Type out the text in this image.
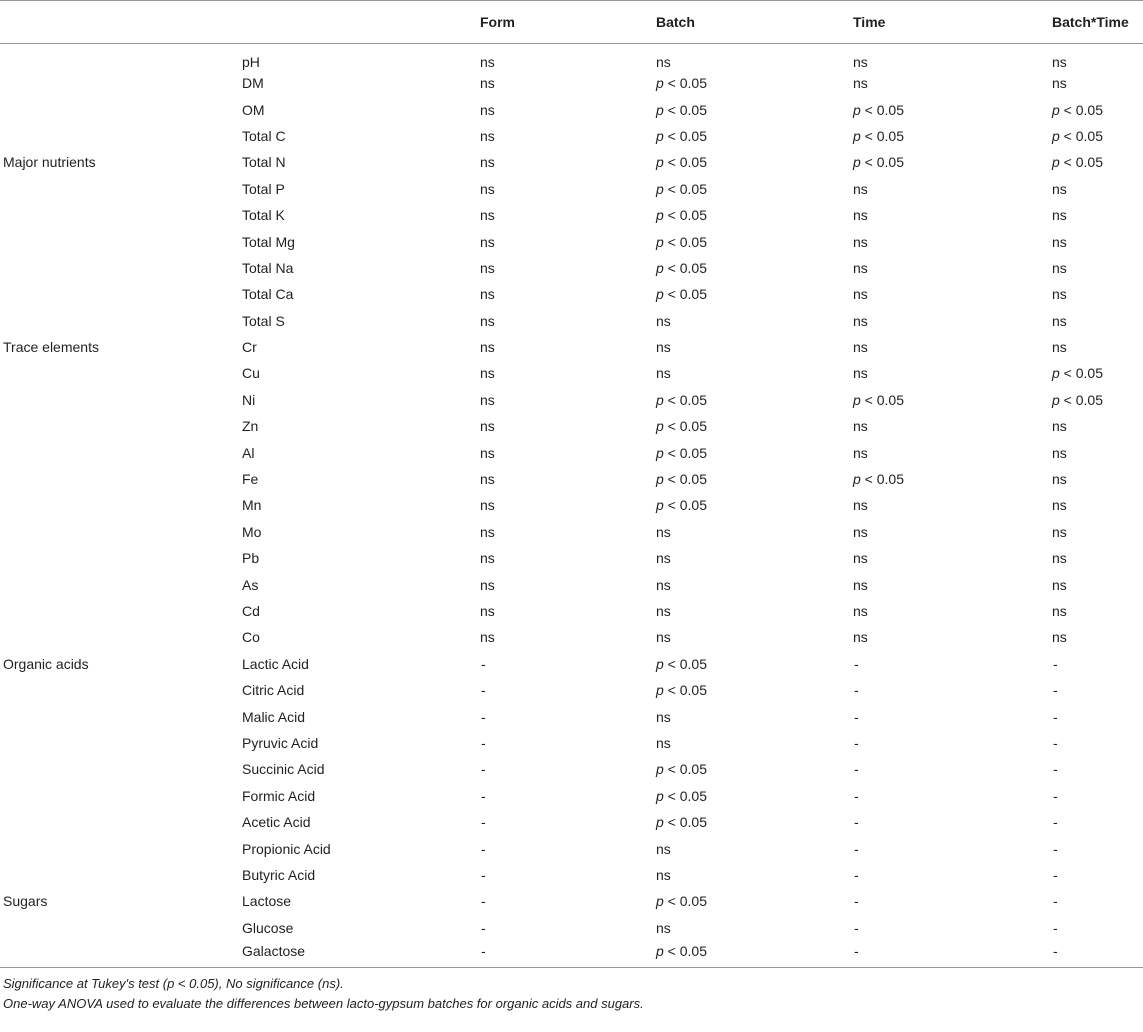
		Form	Batch	Time	Batch*Time
	pH	ns	ns	ns	ns
	DM	ns	p < 0.05	ns	ns
	OM	ns	p < 0.05	p < 0.05	p < 0.05
	Total C	ns	p < 0.05	p < 0.05	p < 0.05
Major nutrients	Total N	ns	p < 0.05	p < 0.05	p < 0.05
	Total P	ns	p < 0.05	ns	ns
	Total K	ns	p < 0.05	ns	ns
	Total Mg	ns	p < 0.05	ns	ns
	Total Na	ns	p < 0.05	ns	ns
	Total Ca	ns	p < 0.05	ns	ns
	Total S	ns	ns	ns	ns
Trace elements	Cr	ns	ns	ns	ns
	Cu	ns	ns	ns	p < 0.05
	Ni	ns	p < 0.05	p < 0.05	p < 0.05
	Zn	ns	p < 0.05	ns	ns
	Al	ns	p < 0.05	ns	ns
	Fe	ns	p < 0.05	p < 0.05	ns
	Mn	ns	p < 0.05	ns	ns
	Mo	ns	ns	ns	ns
	Pb	ns	ns	ns	ns
	As	ns	ns	ns	ns
	Cd	ns	ns	ns	ns
	Co	ns	ns	ns	ns
Organic acids	Lactic Acid	-	p < 0.05	-	-
	Citric Acid	-	p < 0.05	-	-
	Malic Acid	-	ns	-	-
	Pyruvic Acid	-	ns	-	-
	Succinic Acid	-	p < 0.05	-	-
	Formic Acid	-	p < 0.05	-	-
	Acetic Acid	-	p < 0.05	-	-
	Propionic Acid	-	ns	-	-
	Butyric Acid	-	ns	-	-
Sugars	Lactose	-	p < 0.05	-	-
	Glucose	-	ns	-	-
	Galactose	-	p < 0.05	-	-
Significance at Tukey's test (p < 0.05), No significance (ns).
One-way ANOVA used to evaluate the differences between lacto-gypsum batches for organic acids and sugars.
